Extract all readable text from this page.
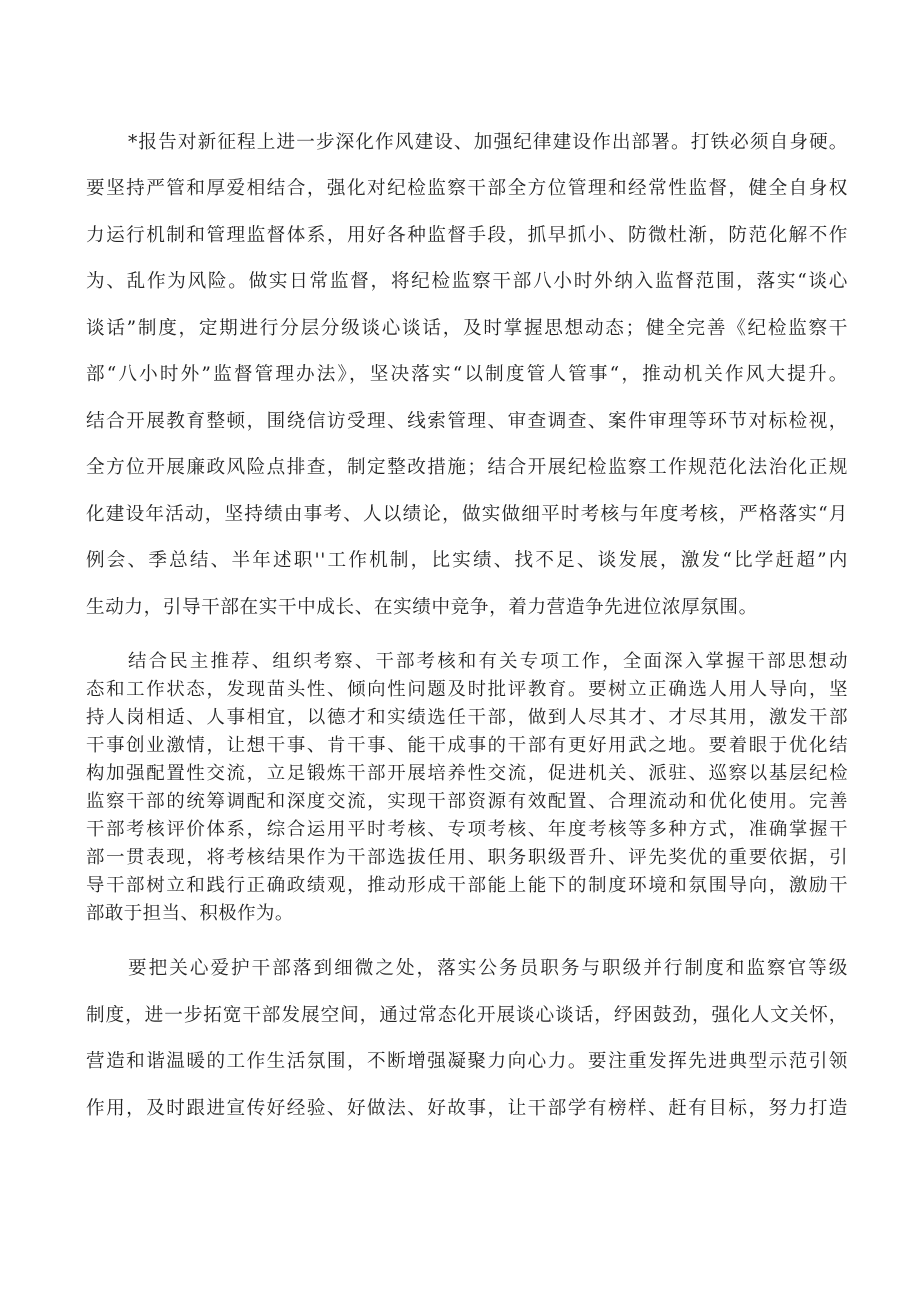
*报告对新征程上进一步深化作风建设、加强纪律建设作出部署。打铁必须自身硬。

要坚持严管和厚爱相结合，强化对纪检监察干部全方位管理和经常性监督，健全自身权

力运行机制和管理监督体系，用好各种监督手段，抓早抓小、防微杜渐，防范化解不作

为、乱作为风险。做实日常监督，将纪检监察干部八小时外纳入监督范围，落实“谈心

谈话”制度，定期进行分层分级谈心谈话，及时掌握思想动态；健全完善《纪检监察干

部“八小时外”监督管理办法》，坚决落实“以制度管人管事“，推动机关作风大提升。

结合开展教育整顿，围绕信访受理、线索管理、审查调查、案件审理等环节对标检视，

全方位开展廉政风险点排查，制定整改措施；结合开展纪检监察工作规范化法治化正规

化建设年活动，坚持绩由事考、人以绩论，做实做细平时考核与年度考核，严格落实“月

例会、季总结、半年述职''工作机制，比实绩、找不足、谈发展，激发“比学赶超”内

生动力，引导干部在实干中成长、在实绩中竞争，着力营造争先进位浓厚氛围。

结合民主推荐、组织考察、干部考核和有关专项工作，全面深入掌握干部思想动

态和工作状态，发现苗头性、倾向性问题及时批评教育。要树立正确选人用人导向，坚

持人岗相适、人事相宜，以德才和实绩选任干部，做到人尽其才、才尽其用，激发干部

干事创业激情，让想干事、肯干事、能干成事的干部有更好用武之地。要着眼于优化结

构加强配置性交流，立足锻炼干部开展培养性交流，促进机关、派驻、巡察以基层纪检

监察干部的统筹调配和深度交流，实现干部资源有效配置、合理流动和优化使用。完善

干部考核评价体系，综合运用平时考核、专项考核、年度考核等多种方式，准确掌握干

部一贯表现，将考核结果作为干部选拔任用、职务职级晋升、评先奖优的重要依据，引

导干部树立和践行正确政绩观，推动形成干部能上能下的制度环境和氛围导向，激励干

部敢于担当、积极作为。

要把关心爱护干部落到细微之处，落实公务员职务与职级并行制度和监察官等级

制度，进一步拓宽干部发展空间，通过常态化开展谈心谈话，纾困鼓劲，强化人文关怀，

营造和谐温暖的工作生活氛围，不断增强凝聚力向心力。要注重发挥先进典型示范引领

作用，及时跟进宣传好经验、好做法、好故事，让干部学有榜样、赶有目标，努力打造
